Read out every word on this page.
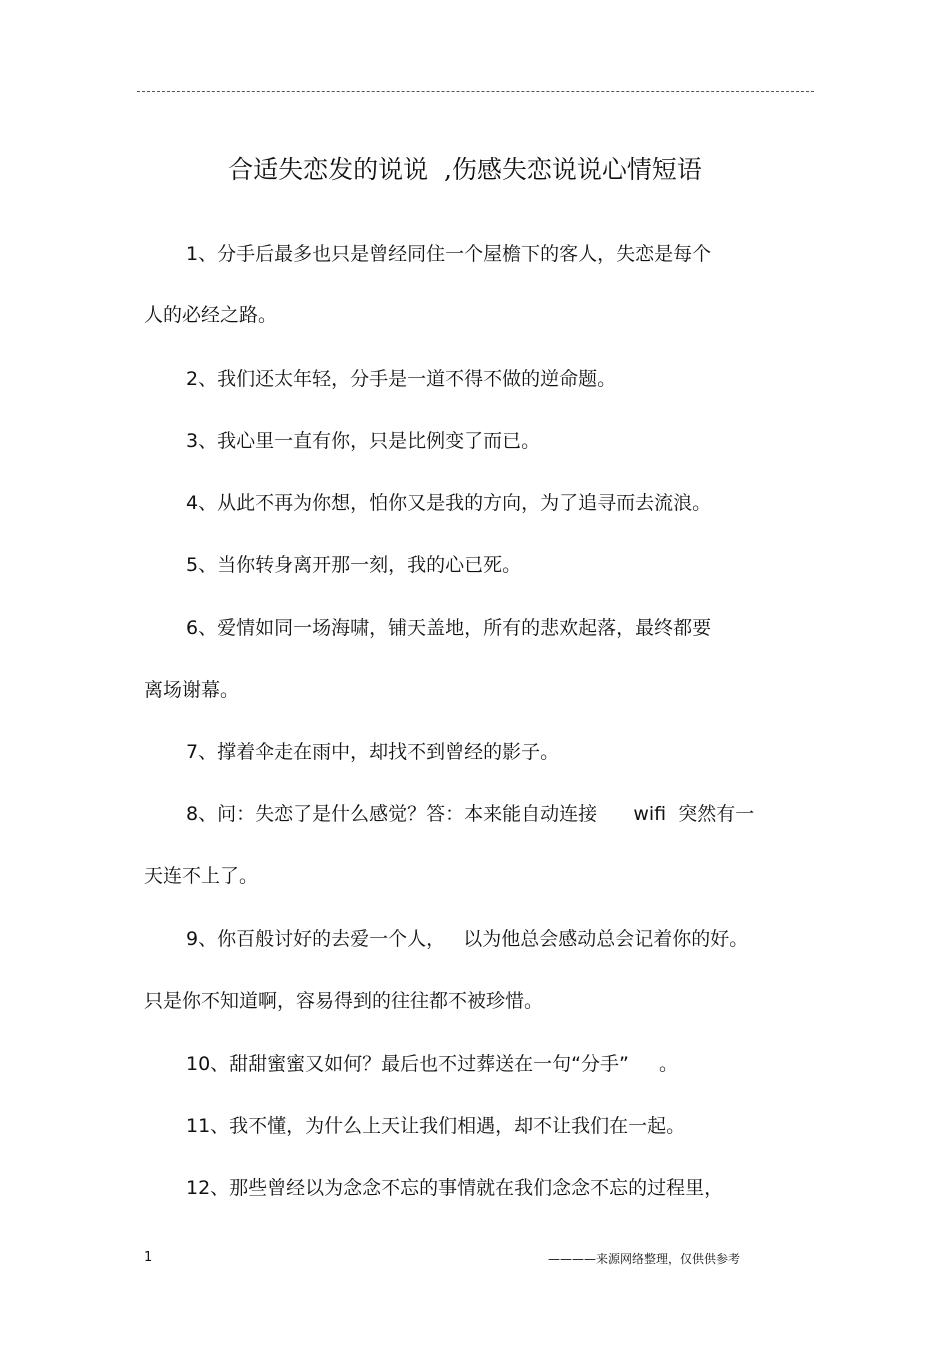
合适失恋发的说说  ,伤感失恋说说心情短语
1、分手后最多也只是曾经同住一个屋檐下的客人，失恋是每个
人的必经之路。
2、我们还太年轻，分手是一道不得不做的逆命题。
3、我心里一直有你，只是比例变了而已。
4、从此不再为你想，怕你又是我的方向，为了追寻而去流浪。
5、当你转身离开那一刻，我的心已死。
6、爱情如同一场海啸，铺天盖地，所有的悲欢起落，最终都要
离场谢幕。
7、撑着伞走在雨中，却找不到曾经的影子。
8、问：失恋了是什么感觉？答：本来能自动连接      wifi  突然有一
天连不上了。
9、你百般讨好的去爱一个人，   以为他总会感动总会记着你的好。
只是你不知道啊，容易得到的往往都不被珍惜。
10、甜甜蜜蜜又如何？最后也不过葬送在一句“分手”     。
11、我不懂，为什么上天让我们相遇，却不让我们在一起。
12、那些曾经以为念念不忘的事情就在我们念念不忘的过程里，
1	————来源网络整理，仅供供参考
